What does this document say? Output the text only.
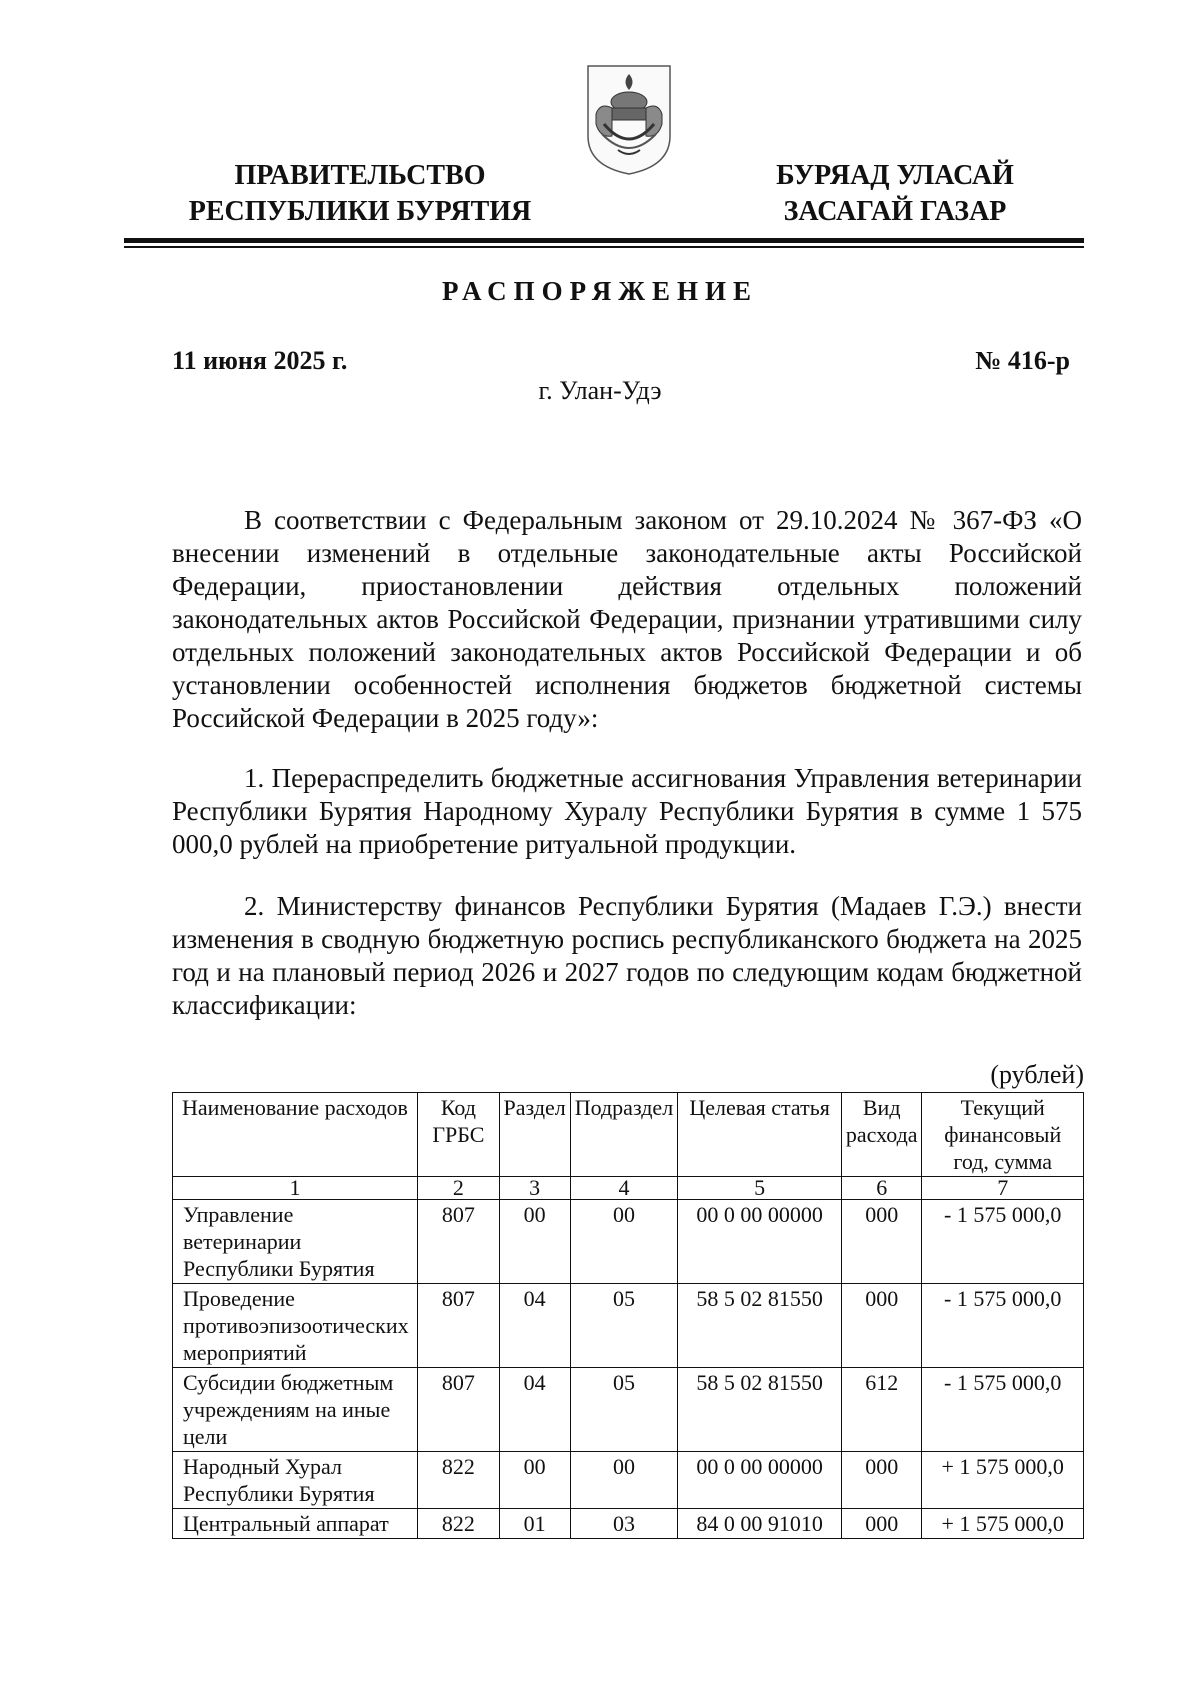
ПРАВИТЕЛЬСТВО
РЕСПУБЛИКИ БУРЯТИЯ
БУРЯАД УЛАСАЙ
ЗАСАГАЙ ГАЗАР
РАСПОРЯЖЕНИЕ
11 июня 2025 г.	№ 416-р
г. Улан-Удэ

В соответствии с Федеральным законом от 29.10.2024 № 367-ФЗ «О внесении изменений в отдельные законодательные акты Российской Федерации, приостановлении действия отдельных положений законодательных актов Российской Федерации, признании утратившими силу отдельных положений законодательных актов Российской Федерации и об установлении особенностей исполнения бюджетов бюджетной системы Российской Федерации в 2025 году»:

1. Перераспределить бюджетные ассигнования Управления ветеринарии Республики Бурятия Народному Хуралу Республики Бурятия в сумме 1 575 000,0 рублей на приобретение ритуальной продукции.

2. Министерству финансов Республики Бурятия (Мадаев Г.Э.) внести изменения в сводную бюджетную роспись республиканского бюджета на 2025 год и на плановый период 2026 и 2027 годов по следующим кодам бюджетной классификации:

(рублей)
Наименование расходов	Код ГРБС	Раздел	Подраздел	Целевая статья	Вид расхода	Текущий финансовый год, сумма
1	2	3	4	5	6	7
Управление ветеринарии Республики Бурятия	807	00	00	00 0 00 00000	000	- 1 575 000,0
Проведение противоэпизоотических мероприятий	807	04	05	58 5 02 81550	000	- 1 575 000,0
Субсидии бюджетным учреждениям на иные цели	807	04	05	58 5 02 81550	612	- 1 575 000,0
Народный Хурал Республики Бурятия	822	00	00	00 0 00 00000	000	+ 1 575 000,0
Центральный аппарат	822	01	03	84 0 00 91010	000	+ 1 575 000,0
